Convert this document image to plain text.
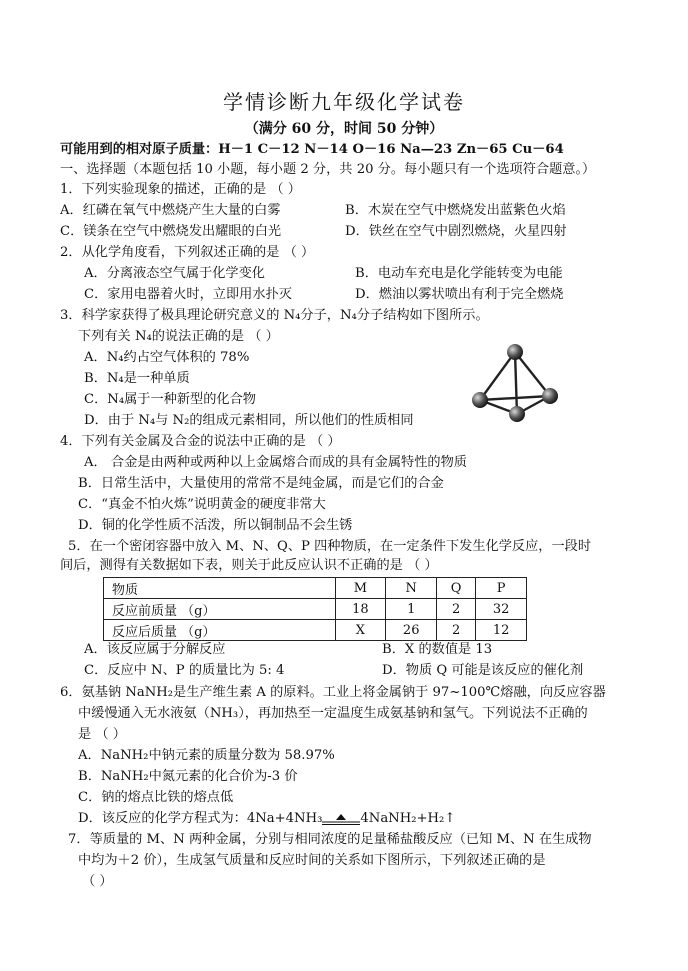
学情诊断九年级化学试卷
（满分 60 分，时间 50 分钟）
可能用到的相对原子质量：H－1 C－12 N－14 O－16 Na—23 Zn－65 Cu－64
一、选择题（本题包括 10 小题，每小题 2 分，共 20 分。每小题只有一个选项符合题意。）
1．下列实验现象的描述，正确的是 （ ）
A．红磷在氧气中燃烧产生大量的白雾	B．木炭在空气中燃烧发出蓝紫色火焰
C．镁条在空气中燃烧发出耀眼的白光	D．铁丝在空气中剧烈燃烧，火星四射
2．从化学角度看，下列叙述正确的是 （ ）
A．分离液态空气属于化学变化	B．电动车充电是化学能转变为电能
C．家用电器着火时，立即用水扑灭	D．燃油以雾状喷出有利于完全燃烧
3．科学家获得了极具理论研究意义的 N₄分子，N₄分子结构如下图所示。
下列有关 N₄的说法正确的是 （ ）
A．N₄约占空气体积的 78%
B．N₄是一种单质
C．N₄属于一种新型的化合物
D．由于 N₄与 N₂的组成元素相同，所以他们的性质相同
4．下列有关金属及合金的说法中正确的是 （ ）
A． 合金是由两种或两种以上金属熔合而成的具有金属特性的物质
B．日常生活中，大量使用的常常不是纯金属，而是它们的合金
C．“真金不怕火炼”说明黄金的硬度非常大
D．铜的化学性质不活泼，所以铜制品不会生锈
5．在一个密闭容器中放入 M、N、Q、P 四种物质，在一定条件下发生化学反应，一段时
间后，测得有关数据如下表，则关于此反应认识不正确的是 （ ）
物质	M	N	Q	P
反应前质量 （g）	18	1	2	32
反应后质量 （g）	X	26	2	12
A．该反应属于分解反应	B．X 的数值是 13
C．反应中 N、P 的质量比为 5: 4	D．物质 Q 可能是该反应的催化剂
6．氨基钠 NaNH₂是生产维生素 A 的原料。工业上将金属钠于 97~100℃熔融，向反应容器
中缓慢通入无水液氨（NH₃），再加热至一定温度生成氨基钠和氢气。下列说法不正确的
是 （ ）
A．NaNH₂中钠元素的质量分数为 58.97%
B．NaNH₂中氮元素的化合价为-3 价
C．钠的熔点比铁的熔点低
D．该反应的化学方程式为：4Na+4NH₃	4NaNH₂+H₂↑
7．等质量的 M、N 两种金属，分别与相同浓度的足量稀盐酸反应（已知 M、N 在生成物
中均为＋2 价），生成氢气质量和反应时间的关系如下图所示，下列叙述正确的是
（ ）
